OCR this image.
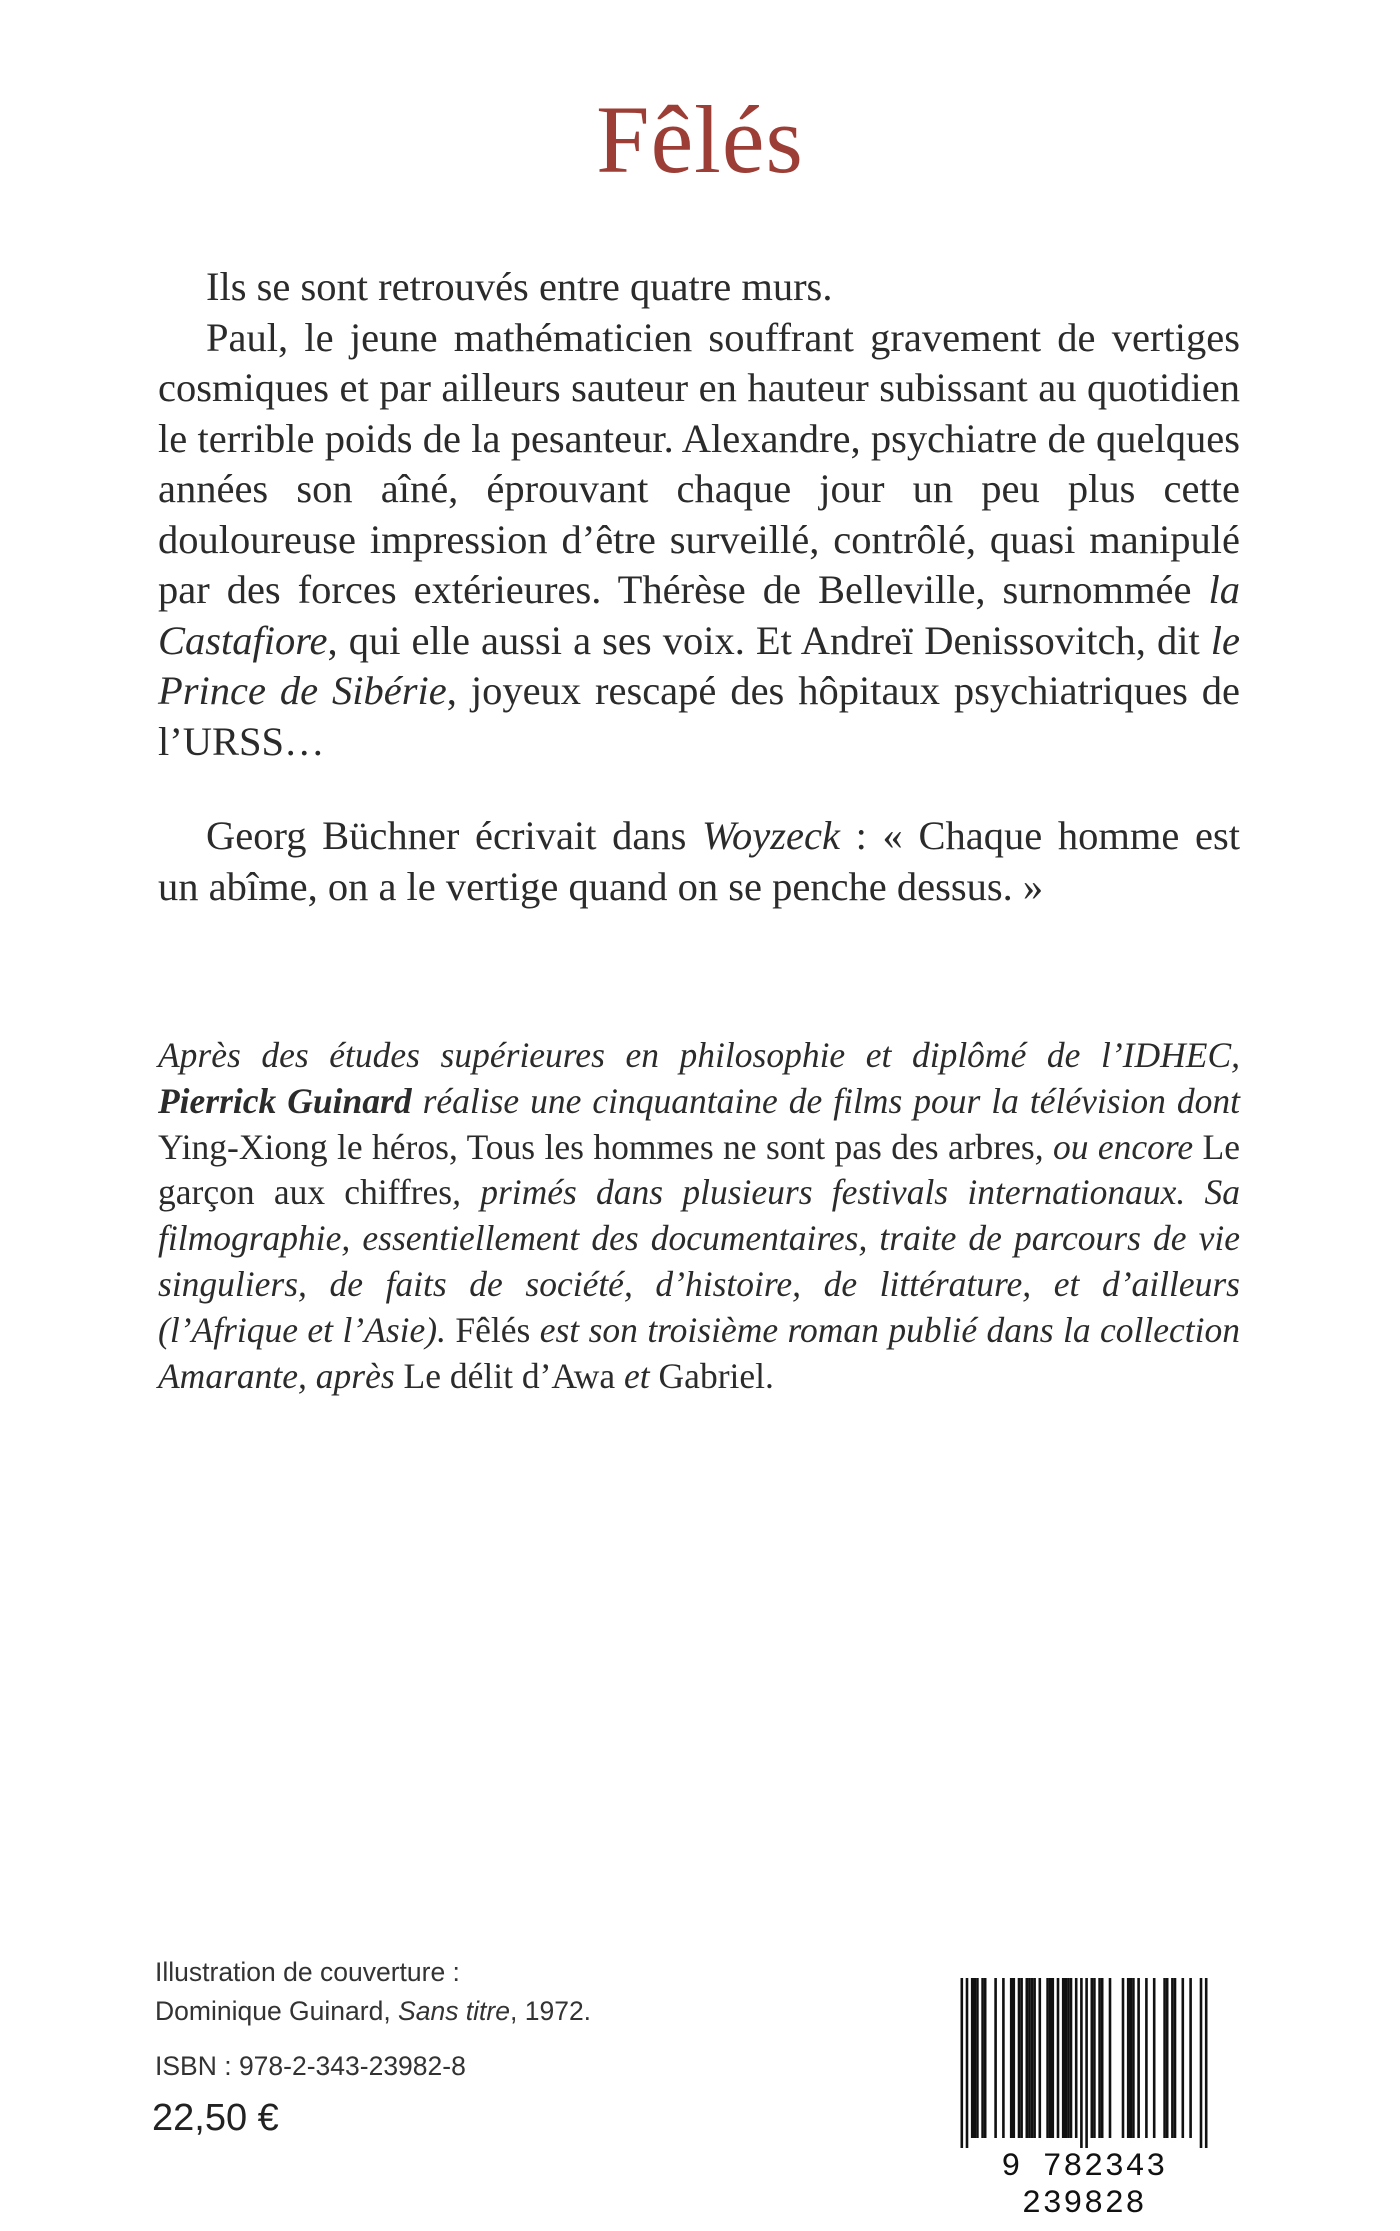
Fêlés

Ils se sont retrouvés entre quatre murs.

Paul, le jeune mathématicien souffrant gravement de vertiges cosmiques et par ailleurs sauteur en hauteur subissant au quotidien le terrible poids de la pesanteur. Alexandre, psychiatre de quelques années son aîné, éprouvant chaque jour un peu plus cette douloureuse impression d’être surveillé, contrôlé, quasi manipulé par des forces extérieures. Thérèse de Belleville, surnommée la Castafiore, qui elle aussi a ses voix. Et Andreï Denissovitch, dit le Prince de Sibérie, joyeux rescapé des hôpitaux psychiatriques de l’URSS…

Georg Büchner écrivait dans Woyzeck : « Chaque homme est un abîme, on a le vertige quand on se penche dessus. »

Après des études supérieures en philosophie et diplômé de l’IDHEC, Pierrick Guinard réalise une cinquantaine de films pour la télévision dont Ying-Xiong le héros, Tous les hommes ne sont pas des arbres, ou encore Le garçon aux chiffres, primés dans plusieurs festivals internationaux. Sa filmographie, essentiellement des documentaires, traite de parcours de vie singuliers, de faits de société, d’histoire, de littérature, et d’ailleurs (l’Afrique et l’Asie). Fêlés est son troisième roman publié dans la collection Amarante, après Le délit d’Awa et Gabriel.

Illustration de couverture :
Dominique Guinard, Sans titre, 1972.
ISBN : 978-2-343-23982-8
22,50 €
9 782343 239828
